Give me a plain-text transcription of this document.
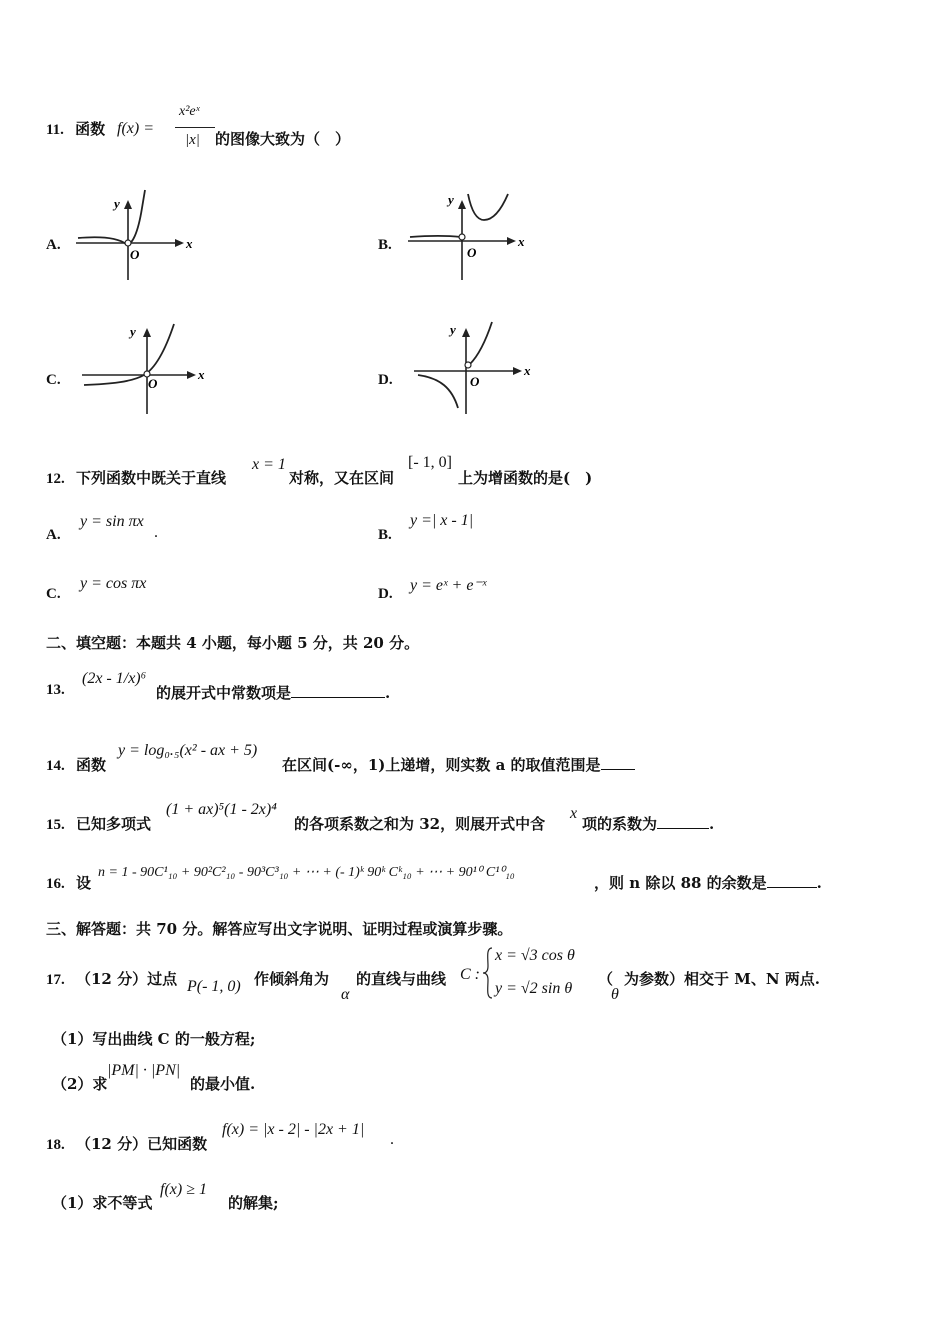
11. 函数 f(x) =
x²eˣ
|x| 的图像大致为（　）
A.	x
y
O
B.	x
y
O
C.	x
y
O	D.
x
y
O
12. 下列函数中既关于直线
x = 1
对称，又在区间
[- 1, 0]
上为增函数的是(　)
A.
y = sin πx
.	B.
y =| x - 1|
C.
y = cos πx
D. y = eˣ + e⁻ˣ
二、填空题：本题共 4 小题，每小题 5 分，共 20 分。
13.
(2x - 1/x)⁶
的展开式中常数项是	.
14. 函数
y = log₀.₅(x² - ax + 5)
在区间(-∞，1)上递增，则实数 a 的取值范围是
15. 已知多项式
(1 + ax)⁵(1 - 2x)⁴
的各项系数之和为 32，则展开式中含
x
项的系数为	.
16. 设
n = 1 - 90C¹₁₀ + 90²C²₁₀ - 90³C³₁₀ + ⋯ + (- 1)ᵏ 90ᵏ Cᵏ₁₀ + ⋯ + 90¹⁰ C¹⁰₁₀
，则 n 除以 88 的余数是	.
三、解答题：共 70 分。解答应写出文字说明、证明过程或演算步骤。
17. （12 分）过点 P(- 1, 0) 作倾斜角为
α
的直线与曲线 C :
x = √3 cos θ
y = √2 sin θ
（
θ
为参数）相交于 M、N 两点.
（1）写出曲线 C 的一般方程;
（2）求
|PM| · |PN|
的最小值.
18. （12 分）已知函数
f(x) = |x - 2| - |2x + 1|
.
（1）求不等式
f(x) ≥ 1
的解集;
